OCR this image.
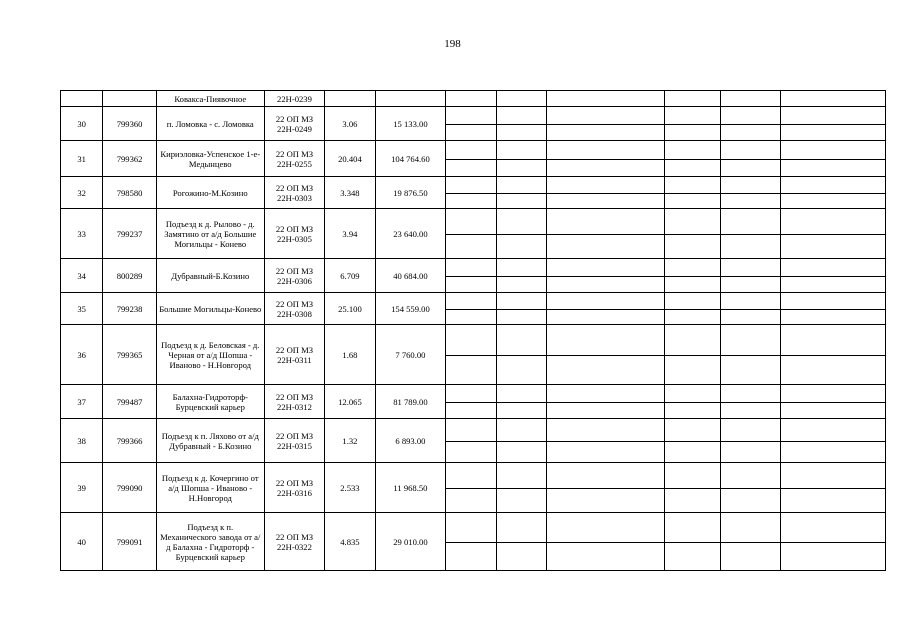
198
		Коваксa-Пиявочное	22Н-0239								
30	799360	п. Ломовка - с. Ломовка	22 ОП МЗ
22Н-0249	3.06	15 133.00	

31	799362	Кириэловка-Успенское 1-е-Медынцево	22 ОП МЗ
22Н-0255	20.404	104 764.60	

32	798580	Рогожино-М.Козино	22 ОП МЗ
22Н-0303	3.348	19 876.50	

33	799237	Подъезд к д. Рылово - д. Замятино от а/д Большие Могильцы - Конево	22 ОП МЗ
22Н-0305	3.94	23 640.00	

34	800289	Дубравный-Б.Козино	22 ОП МЗ
22Н-0306	6.709	40 684.00	

35	799238	Большие Могильцы-Конево	22 ОП МЗ
22Н-0308	25.100	154 559.00	

36	799365	Подъезд к д. Беловская - д. Черная от а/д Шопша - Иваново - Н.Новгород	22 ОП МЗ
22Н-0311	1.68	7 760.00	

37	799487	Балахна-Гидроторф-Бурцевский карьер	22 ОП МЗ
22Н-0312	12.065	81 789.00	

38	799366	Подъезд к п. Ляхово от а/д Дубравный - Б.Козино	22 ОП МЗ
22Н-0315	1.32	6 893.00	

39	799090	Подъезд к д. Кочергино от а/д Шопша - Иваново - Н.Новгород	22 ОП МЗ
22Н-0316	2.533	11 968.50	

40	799091	Подъезд к п. Механического завода от а/д Балахна - Гидроторф - Бурцевский карьер	22 ОП МЗ
22Н-0322	4.835	29 010.00	
